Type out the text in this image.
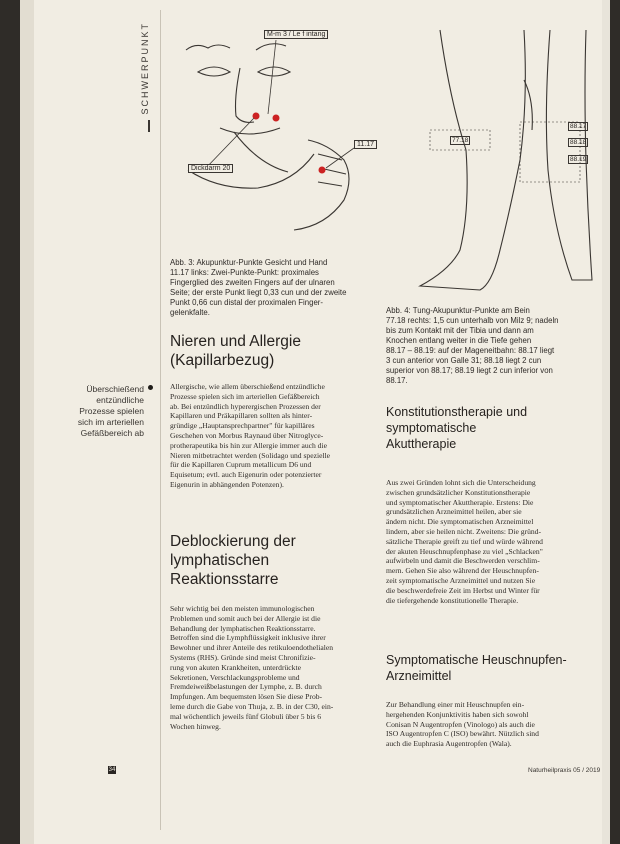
SCHWERPUNKT	M-m 3 / Le f intang
Dickdarm 20
11.17
Abb. 3: Akupunktur-Punkte Gesicht und Hand
11.17 links: Zwei-Punkte-Punkt: proximales
Fingerglied des zweiten Fingers auf der ulnaren
Seite; der erste Punkt liegt 0,33 cun und der zweite
Punkt 0,66 cun distal der proximalen Finger-
gelenkfalte.
88.17
88.18
88.19
77.18
Abb. 4: Tung-Akupunktur-Punkte am Bein
77.18 rechts: 1,5 cun unterhalb von Milz 9; nadeln
bis zum Kontakt mit der Tibia und dann am
Knochen entlang weiter in die Tiefe gehen
88.17 – 88.19: auf der Mageneitbahn: 88.17 liegt
3 cun anterior von Galle 31; 88.18 liegt 2 cun
superior von 88.17; 88.19 liegt 2 cun inferior von
88.17.
Überschießend
entzündliche
Prozesse spielen
sich im arteriellen
Gefäßbereich ab
Nieren und Allergie
(Kapillarbezug)
Allergische, wie allem überschießend entzündliche
Prozesse spielen sich im arteriellen Gefäßbereich
ab. Bei entzündlich hyperergischen Prozessen der
Kapillaren und Präkapillaren sollten als hinter-
gründige „Hauptansprechpartner" für kapilläres
Geschehen von Morbus Raynaud über Nitroglyce-
protherapeutika bis hin zur Allergie immer auch die
Nieren mitbetrachtet werden (Solidago und spezielle
für die Kapillaren Cuprum metallicum D6 und
Equisetum; evtl. auch Eigenurin oder potenzierter
Eigenurin in abhängenden Potenzen).
Deblockierung der
lymphatischen
Reaktionsstarre
Sehr wichtig bei den meisten immunologischen
Problemen und somit auch bei der Allergie ist die
Behandlung der lymphatischen Reaktionsstarre.
Betroffen sind die Lymphflüssigkeit inklusive ihrer
Bewohner und ihrer Anteile des retikuloendothelialen
Systems (RHS). Gründe sind meist Chronifizie-
rung von akuten Krankheiten, unterdrückte
Sekretionen, Verschlackungsprobleme und
Fremdeiweißbelastungen der Lymphe, z. B. durch
Impfungen. Am bequemsten lösen Sie diese Prob-
leme durch die Gabe von Thuja, z. B. in der C30, ein-
mal wöchentlich jeweils fünf Globuli über 5 bis 6
Wochen hinweg.
Konstitutionstherapie und
symptomatische
Akuttherapie
Aus zwei Gründen lohnt sich die Unterscheidung
zwischen grundsätzlicher Konstitutionstherapie
und symptomatischer Akuttherapie. Erstens: Die
grundsätzlichen Arzneimittel heilen, aber sie
ändern nicht. Die symptomatischen Arzneimittel
lindern, aber sie heilen nicht. Zweitens: Die gründ-
sätzliche Therapie greift zu tief und würde während
der akuten Heuschnupfenphase zu viel „Schlacken"
aufwirbeln und damit die Beschwerden verschlim-
mern. Gehen Sie also während der Heuschnupfen-
zeit symptomatische Arzneimittel und nutzen Sie
die beschwerdefreie Zeit im Herbst und Winter für
die tiefergehende konstitutionelle Therapie.
Symptomatische Heuschnupfen-
Arzneimittel
Zur Behandlung einer mit Heuschnupfen ein-
hergehenden Konjunktivitis haben sich sowohl
Conisan N Augentropfen (Vinologo) als auch die
ISO Augentropfen C (ISO) bewährt. Nützlich sind
auch die Euphrasia Augentropfen (Wala).
34	Naturheilpraxis 05 / 2019
